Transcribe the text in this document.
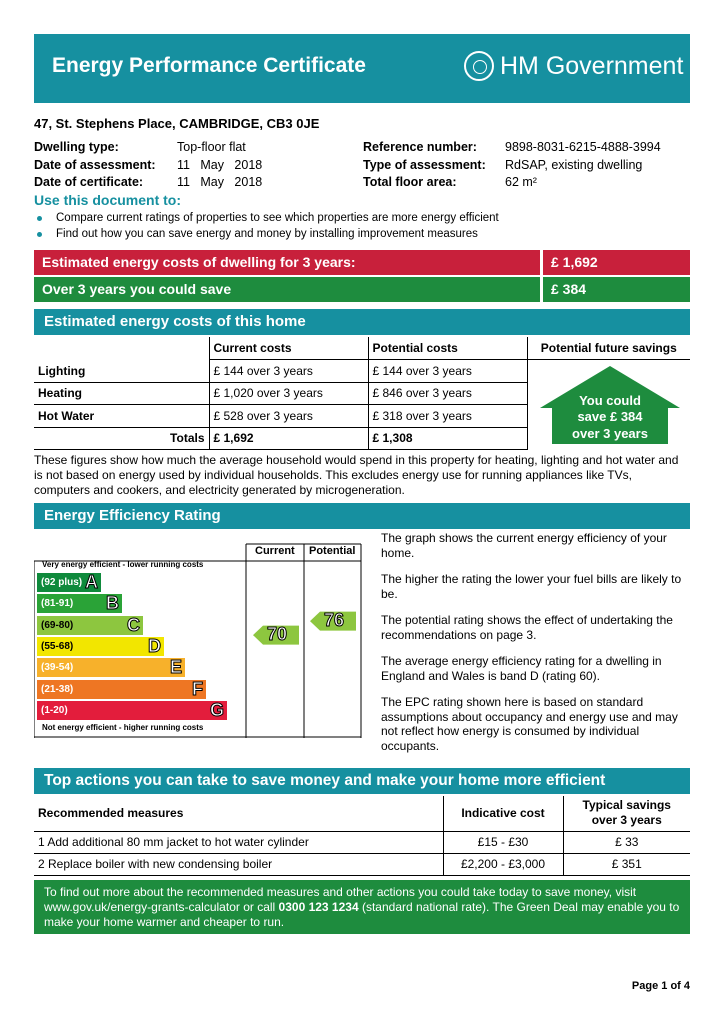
Energy Performance Certificate	HM Government
47, St. Stephens Place, CAMBRIDGE, CB3 0JE
Dwelling type:	Top-floor flat
Date of assessment:	11   May   2018
Date of certificate:	11   May   2018
Reference number:	9898-8031-6215-4888-3994
Type of assessment:	RdSAP, existing dwelling
Total floor area:	62 m²
Use this document to:
Compare current ratings of properties to see which properties are more energy efficient
Find out how you can save energy and money by installing improvement measures
Estimated energy costs of dwelling for 3 years:	£ 1,692
Over 3 years you could save	£ 384
Estimated energy costs of this home
	Current costs	Potential costs	Potential future savings
Lighting	£ 144 over 3 years	£ 144 over 3 years	
Heating	£ 1,020 over 3 years	£ 846 over 3 years	
Hot Water	£ 528 over 3 years	£ 318 over 3 years	
Totals	£ 1,692	£ 1,308	
You could
save £ 384
over 3 years
These figures show how much the average household would spend in this property for heating, lighting and hot water and is not based on energy used by individual households. This excludes energy use for running appliances like TVs, computers and cookers, and electricity generated by microgeneration.
Energy Efficiency Rating
Very energy efficient - lower running costs
Not energy efficient - higher running costs
Current Potential
(92 plus) A
(81-91) B
(69-80)	C
(55-68)	D
(39-54)	E
(21-38)	F
(1-20)	G
70
76

The graph shows the current energy efficiency of your home.

The higher the rating the lower your fuel bills are likely to be.

The potential rating shows the effect of undertaking the recommendations on page 3.

The average energy efficiency rating for a dwelling in England and Wales is band D (rating 60).

The EPC rating shown here is based on standard assumptions about occupancy and energy use and may not reflect how energy is consumed by individual occupants.

Top actions you can take to save money and make your home more efficient
Recommended measures	Indicative cost	Typical savings
over 3 years

1 Add additional 80 mm jacket to hot water cylinder	£15 - £30	£ 33
2 Replace boiler with new condensing boiler	£2,200 - £3,000	£ 351
To find out more about the recommended measures and other actions you could take today to save money, visit
www.gov.uk/energy-grants-calculator or call 0300 123 1234 (standard national rate). The Green Deal may enable you to
make your home warmer and cheaper to run.
Page 1 of 4
